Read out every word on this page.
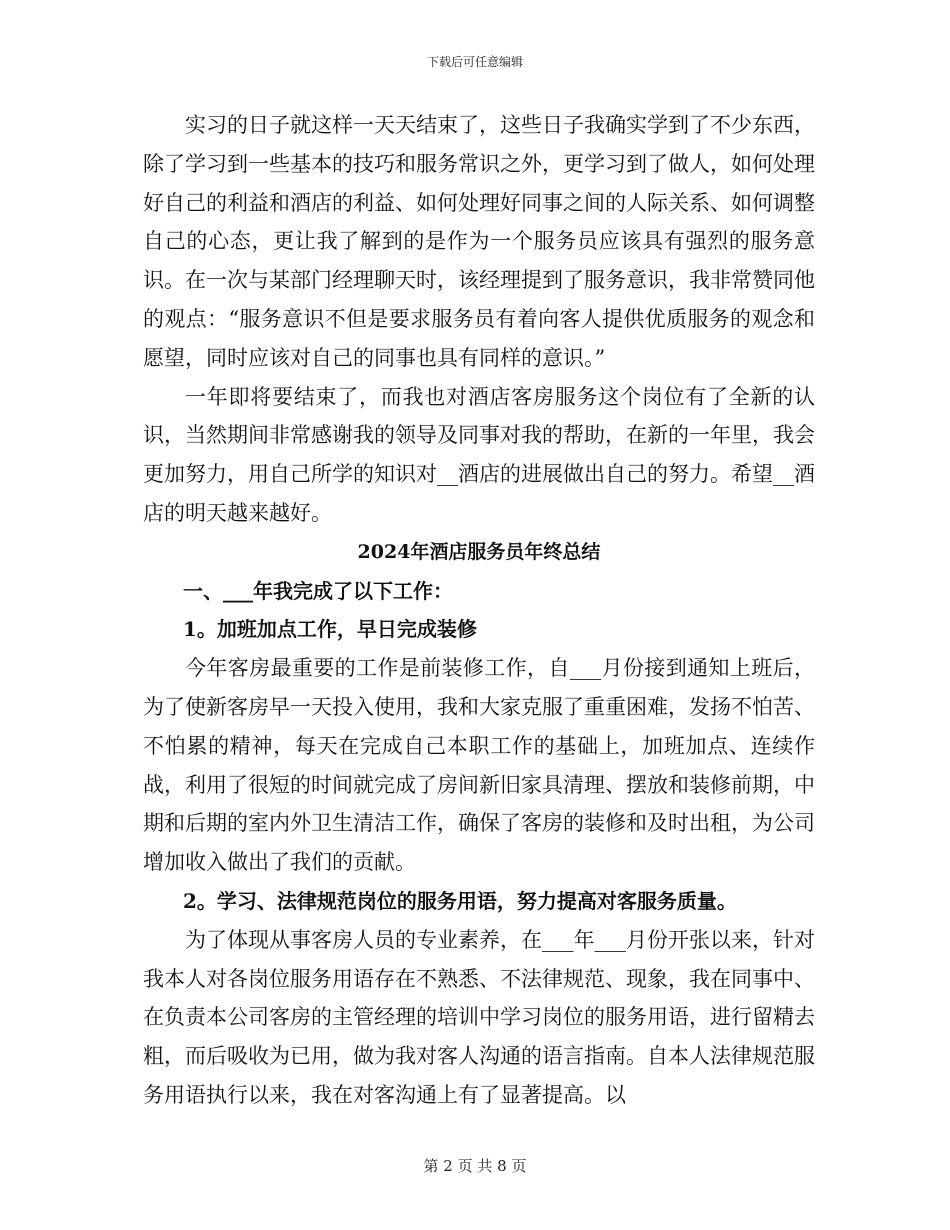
下载后可任意编辑

实习的日子就这样一天天结束了，这些日子我确实学到了不少东西，除了学习到一些基本的技巧和服务常识之外，更学习到了做人，如何处理好自己的利益和酒店的利益、如何处理好同事之间的人际关系、如何调整自己的心态，更让我了解到的是作为一个服务员应该具有强烈的服务意识。在一次与某部门经理聊天时，该经理提到了服务意识，我非常赞同他的观点：“服务意识不但是要求服务员有着向客人提供优质服务的观念和愿望，同时应该对自己的同事也具有同样的意识。”

一年即将要结束了，而我也对酒店客房服务这个岗位有了全新的认识，当然期间非常感谢我的领导及同事对我的帮助，在新的一年里，我会更加努力，用自己所学的知识对__酒店的进展做出自己的努力。希望__酒店的明天越来越好。

2024年酒店服务员年终总结

一、___年我完成了以下工作：

1。加班加点工作，早日完成装修

今年客房最重要的工作是前装修工作，自___月份接到通知上班后，为了使新客房早一天投入使用，我和大家克服了重重困难，发扬不怕苦、不怕累的精神，每天在完成自己本职工作的基础上，加班加点、连续作战，利用了很短的时间就完成了房间新旧家具清理、摆放和装修前期，中期和后期的室内外卫生清洁工作，确保了客房的装修和及时出租，为公司增加收入做出了我们的贡献。

2。学习、法律规范岗位的服务用语，努力提高对客服务质量。

为了体现从事客房人员的专业素养，在___年___月份开张以来，针对我本人对各岗位服务用语存在不熟悉、不法律规范、现象，我在同事中、在负责本公司客房的主管经理的培训中学习岗位的服务用语，进行留精去粗，而后吸收为已用，做为我对客人沟通的语言指南。自本人法律规范服务用语执行以来，我在对客沟通上有了显著提高。以

第 2 页 共 8 页
